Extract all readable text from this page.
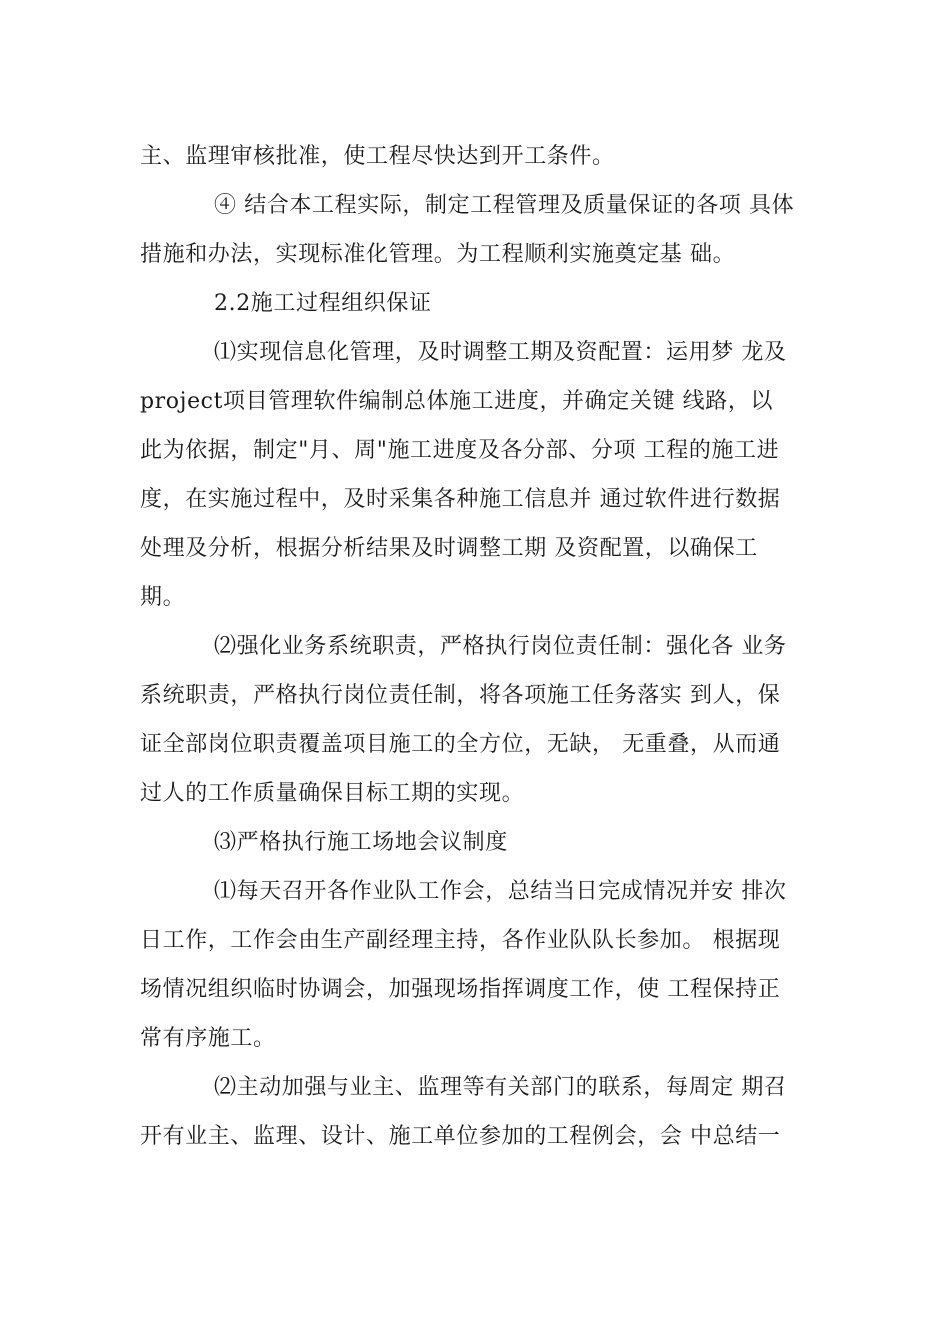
主、监理审核批准，使工程尽快达到开工条件。
④ 结合本工程实际，制定工程管理及质量保证的各项 具体
措施和办法，实现标准化管理。为工程顺利实施奠定基 础。
2.2施工过程组织保证
⑴实现信息化管理，及时调整工期及资配置：运用梦 龙及
project项目管理软件编制总体施工进度，并确定关键 线路，以
此为依据，制定"月、周"施工进度及各分部、分项 工程的施工进
度，在实施过程中，及时采集各种施工信息并 通过软件进行数据
处理及分析，根据分析结果及时调整工期 及资配置，以确保工
期。
⑵强化业务系统职责，严格执行岗位责任制：强化各 业务
系统职责，严格执行岗位责任制，将各项施工任务落实 到人，保
证全部岗位职责覆盖项目施工的全方位，无缺， 无重叠，从而通
过人的工作质量确保目标工期的实现。
⑶严格执行施工场地会议制度
⑴每天召开各作业队工作会，总结当日完成情况并安 排次
日工作，工作会由生产副经理主持，各作业队队长参加。 根据现
场情况组织临时协调会，加强现场指挥调度工作，使 工程保持正
常有序施工。
⑵主动加强与业主、监理等有关部门的联系，每周定 期召
开有业主、监理、设计、施工单位参加的工程例会，会 中总结一
